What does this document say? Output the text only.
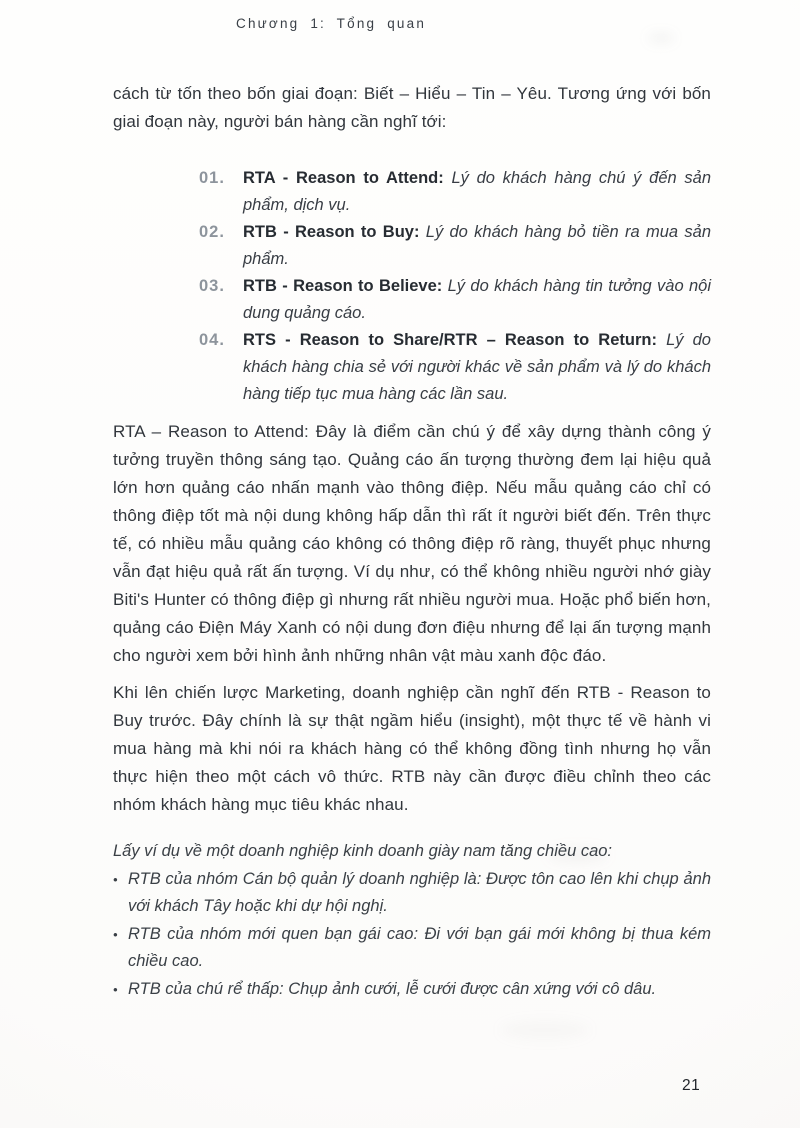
Chương 1: Tổng quan

cách từ tốn theo bốn giai đoạn: Biết – Hiểu – Tin – Yêu. Tương ứng với bốn giai đoạn này, người bán hàng cần nghĩ tới:

01.	RTA - Reason to Attend: Lý do khách hàng chú ý đến sản phẩm, dịch vụ.
02.	RTB - Reason to Buy: Lý do khách hàng bỏ tiền ra mua sản phẩm.
03.	RTB - Reason to Believe: Lý do khách hàng tin tưởng vào nội dung quảng cáo.
04.	RTS - Reason to Share/RTR – Reason to Return: Lý do khách hàng chia sẻ với người khác về sản phẩm và lý do khách hàng tiếp tục mua hàng các lần sau.

RTA – Reason to Attend: Đây là điểm cần chú ý để xây dựng thành công ý tưởng truyền thông sáng tạo. Quảng cáo ấn tượng thường đem lại hiệu quả lớn hơn quảng cáo nhấn mạnh vào thông điệp. Nếu mẫu quảng cáo chỉ có thông điệp tốt mà nội dung không hấp dẫn thì rất ít người biết đến. Trên thực tế, có nhiều mẫu quảng cáo không có thông điệp rõ ràng, thuyết phục nhưng vẫn đạt hiệu quả rất ấn tượng. Ví dụ như, có thể không nhiều người nhớ giày Biti's Hunter có thông điệp gì nhưng rất nhiều người mua. Hoặc phổ biến hơn, quảng cáo Điện Máy Xanh có nội dung đơn điệu nhưng để lại ấn tượng mạnh cho người xem bởi hình ảnh những nhân vật màu xanh độc đáo.

Khi lên chiến lược Marketing, doanh nghiệp cần nghĩ đến RTB - Reason to Buy trước. Đây chính là sự thật ngầm hiểu (insight), một thực tế về hành vi mua hàng mà khi nói ra khách hàng có thể không đồng tình nhưng họ vẫn thực hiện theo một cách vô thức. RTB này cần được điều chỉnh theo các nhóm khách hàng mục tiêu khác nhau.

Lấy ví dụ về một doanh nghiệp kinh doanh giày nam tăng chiều cao:

• RTB của nhóm Cán bộ quản lý doanh nghiệp là: Được tôn cao lên khi chụp ảnh với khách Tây hoặc khi dự hội nghị.
• RTB của nhóm mới quen bạn gái cao: Đi với bạn gái mới không bị thua kém chiều cao.
• RTB của chú rể thấp: Chụp ảnh cưới, lễ cưới được cân xứng với cô dâu.
21
